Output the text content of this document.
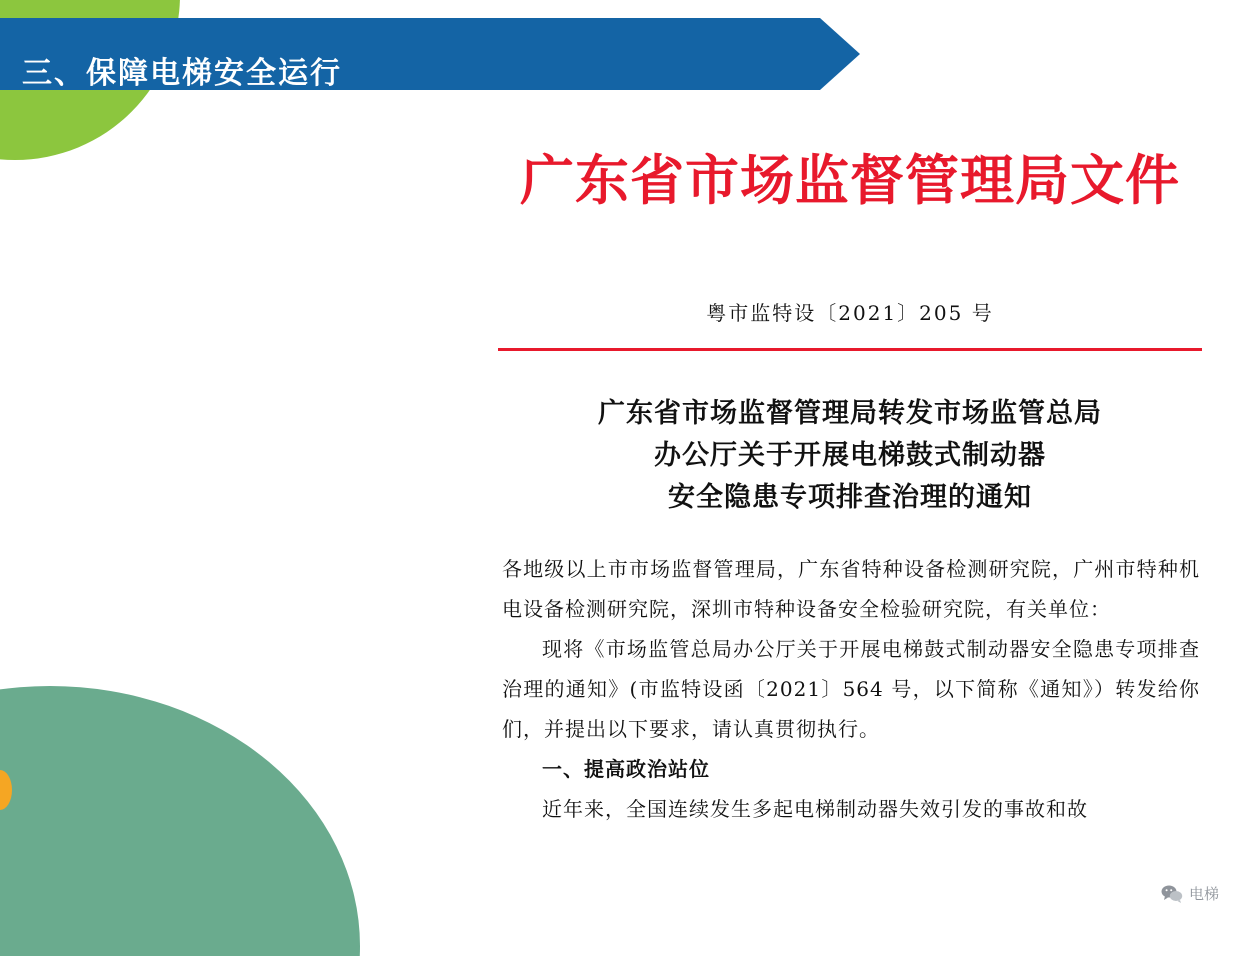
三、保障电梯安全运行
广东省市场监督管理局文件
粤市监特设〔2021〕205 号
广东省市场监督管理局转发市场监管总局
办公厅关于开展电梯鼓式制动器
安全隐患专项排查治理的通知

各地级以上市市场监督管理局，广东省特种设备检测研究院，广州市特种机电设备检测研究院，深圳市特种设备安全检验研究院，有关单位：

现将《市场监管总局办公厅关于开展电梯鼓式制动器安全隐患专项排查治理的通知》(市监特设函〔2021〕564 号，以下简称《通知》）转发给你们，并提出以下要求，请认真贯彻执行。

一、提高政治站位

近年来，全国连续发生多起电梯制动器失效引发的事故和故

电梯
